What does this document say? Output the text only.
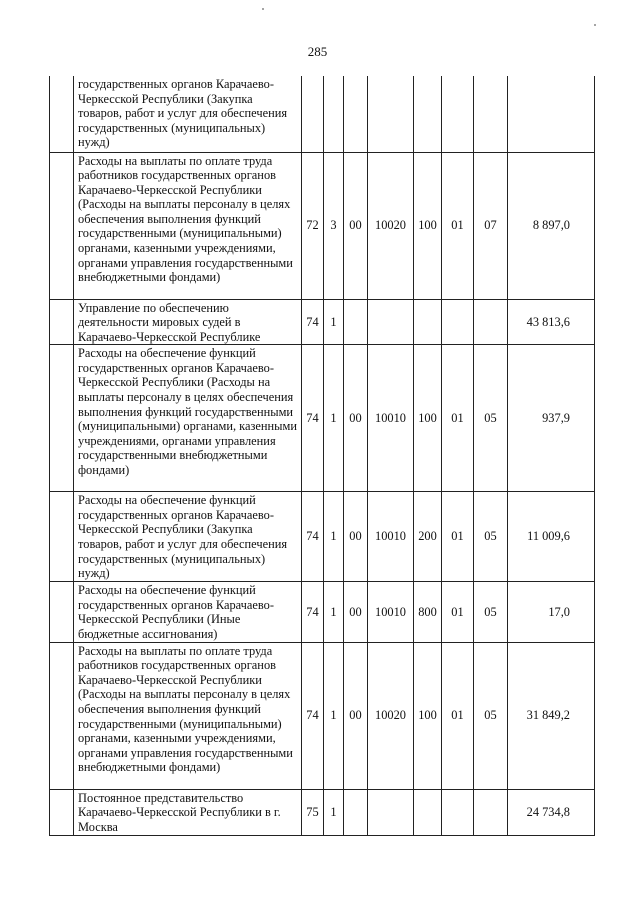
285
	государственных органов Карачаево-Черкесской Республики (Закупка товаров, работ и услуг для обеспечения государственных (муниципальных) нужд)								
	Расходы на выплаты по оплате труда работников государственных органов Карачаево-Черкесской Республики (Расходы на выплаты персоналу в целях обеспечения выполнения функций государственными (муниципальными) органами, казенными учреждениями, органами управления государственными внебюджетными фондами)	72	3	00	10020	100	01	07	8 897,0
	Управление по обеспечению деятельности мировых судей в Карачаево-Черкесской Республике	74	1						43 813,6
	Расходы на обеспечение функций государственных органов Карачаево-Черкесской Республики (Расходы на выплаты персоналу в целях обеспечения выполнения функций государственными (муниципальными) органами, казенными учреждениями, органами управления государственными внебюджетными фондами)	74	1	00	10010	100	01	05	937,9
	Расходы на обеспечение функций государственных органов Карачаево-Черкесской Республики (Закупка товаров, работ и услуг для обеспечения государственных (муниципальных) нужд)	74	1	00	10010	200	01	05	11 009,6
	Расходы на обеспечение функций государственных органов Карачаево-Черкесской Республики (Иные бюджетные ассигнования)	74	1	00	10010	800	01	05	17,0
	Расходы на выплаты по оплате труда работников государственных органов Карачаево-Черкесской Республики (Расходы на выплаты персоналу в целях обеспечения выполнения функций государственными (муниципальными) органами, казенными учреждениями, органами управления государственными внебюджетными фондами)	74	1	00	10020	100	01	05	31 849,2
	Постоянное представительство Карачаево-Черкесской Республики в г. Москва	75	1						24 734,8
